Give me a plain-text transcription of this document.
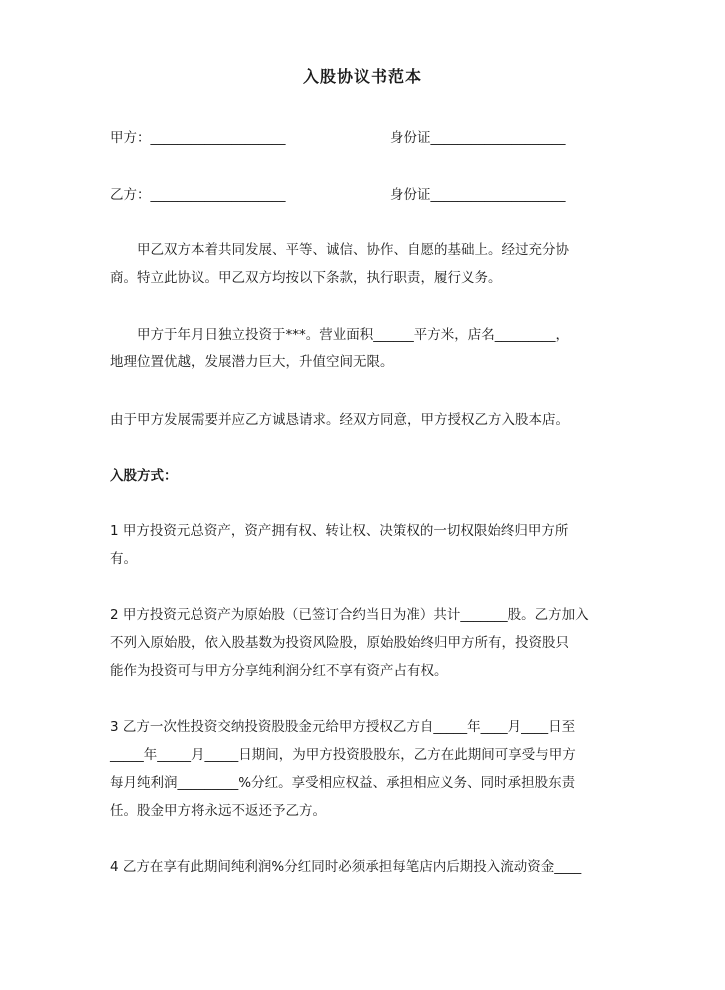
入股协议书范本
甲方：____________________	身份证____________________
乙方：____________________	身份证____________________
　　甲乙双方本着共同发展、平等、诚信、协作、自愿的基础上。经过充分协
商。特立此协议。甲乙双方均按以下条款，执行职责，履行义务。
　　甲方于年月日独立投资于***。营业面积______平方米，店名_________，
地理位置优越，发展潜力巨大，升值空间无限。
由于甲方发展需要并应乙方诚恳请求。经双方同意，甲方授权乙方入股本店。
入股方式：
1 甲方投资元总资产，资产拥有权、转让权、决策权的一切权限始终归甲方所
有。
2 甲方投资元总资产为原始股（已签订合约当日为准）共计_______股。乙方加入
不列入原始股，依入股基数为投资风险股，原始股始终归甲方所有，投资股只
能作为投资可与甲方分享纯利润分红不享有资产占有权。
3 乙方一次性投资交纳投资股股金元给甲方授权乙方自_____年____月____日至
_____年_____月_____日期间，为甲方投资股股东，乙方在此期间可享受与甲方
每月纯利润_________%分红。享受相应权益、承担相应义务、同时承担股东责
任。股金甲方将永远不返还予乙方。
4 乙方在享有此期间纯利润%分红同时必须承担每笔店内后期投入流动资金____
